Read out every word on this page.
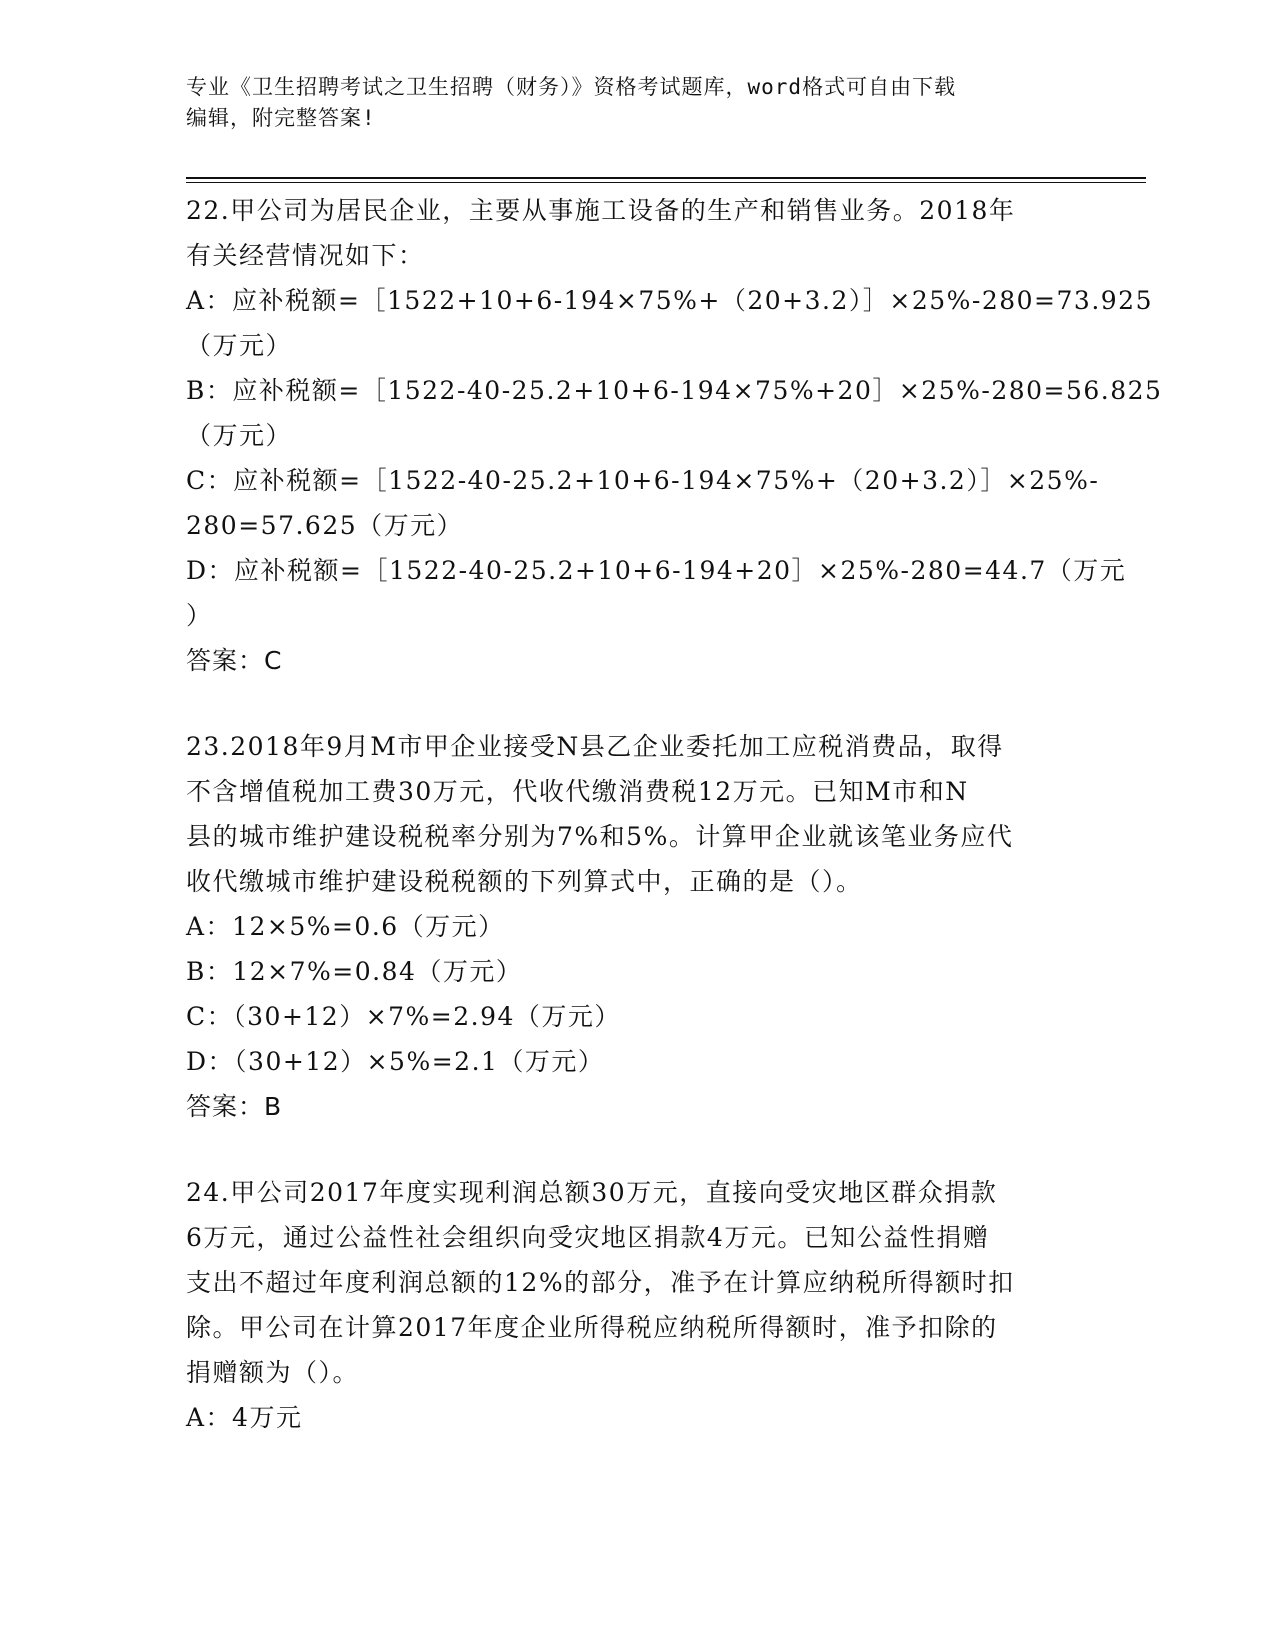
专业《卫生招聘考试之卫生招聘（财务）》资格考试题库，word格式可自由下载
编辑，附完整答案!
22.甲公司为居民企业，主要从事施工设备的生产和销售业务。2018年
有关经营情况如下：
A：应补税额=［1522+10+6-194×75%+（20+3.2）］×25%-280=73.925
（万元）
B：应补税额=［1522-40-25.2+10+6-194×75%+20］×25%-280=56.825
（万元）
C：应补税额=［1522-40-25.2+10+6-194×75%+（20+3.2）］×25%-
280=57.625（万元）
D：应补税额=［1522-40-25.2+10+6-194+20］×25%-280=44.7（万元
）
答案：C
23.2018年9月M市甲企业接受N县乙企业委托加工应税消费品，取得
不含增值税加工费30万元，代收代缴消费税12万元。已知M市和N
县的城市维护建设税税率分别为7%和5%。计算甲企业就该笔业务应代
收代缴城市维护建设税税额的下列算式中，正确的是（）。
A：12×5%=0.6（万元）
B：12×7%=0.84（万元）
C：（30+12）×7%=2.94（万元）
D：（30+12）×5%=2.1（万元）
答案：B
24.甲公司2017年度实现利润总额30万元，直接向受灾地区群众捐款
6万元，通过公益性社会组织向受灾地区捐款4万元。已知公益性捐赠
支出不超过年度利润总额的12%的部分，准予在计算应纳税所得额时扣
除。甲公司在计算2017年度企业所得税应纳税所得额时，准予扣除的
捐赠额为（）。
A：4万元
